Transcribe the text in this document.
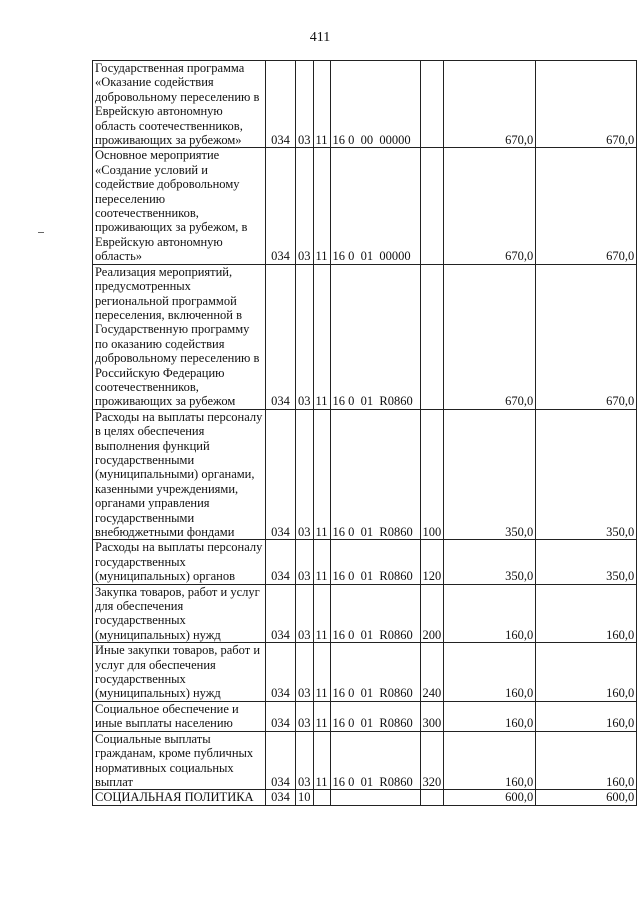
411
Государственная программа «Оказание содействия добровольному переселению в Еврейскую автономную область соотечественников, проживающих за рубежом»	034	03	11	16 0  00  00000		670,0	670,0

Основное мероприятие «Создание условий и содействие добровольному переселению соотечественников, проживающих за рубежом, в Еврейскую автономную область»	034	03	11	16 0  01  00000		670,0	670,0

Реализация мероприятий, предусмотренных региональной программой переселения, включенной в Государственную программу по оказанию содействия добровольному переселению в Российскую Федерацию соотечественников, проживающих за рубежом	034	03	11	16 0  01  R0860		670,0	670,0

Расходы на выплаты персоналу в целях обеспечения выполнения функций государственными (муниципальными) органами, казенными учреждениями, органами управления государственными внебюджетными фондами	034	03	11	16 0  01  R0860	100	350,0	350,0

Расходы на выплаты персоналу государственных (муниципальных) органов	034	03	11	16 0  01  R0860	120	350,0	350,0

Закупка товаров, работ и услуг для обеспечения государственных (муниципальных) нужд	034	03	11	16 0  01  R0860	200	160,0	160,0

Иные закупки товаров, работ и услуг для обеспечения государственных (муниципальных) нужд	034	03	11	16 0  01  R0860	240	160,0	160,0

Социальное обеспечение и иные выплаты населению	034	03	11	16 0  01  R0860	300	160,0	160,0

Социальные выплаты гражданам, кроме публичных нормативных социальных выплат	034	03	11	16 0  01  R0860	320	160,0	160,0

СОЦИАЛЬНАЯ ПОЛИТИКА	034	10				600,0	600,0
